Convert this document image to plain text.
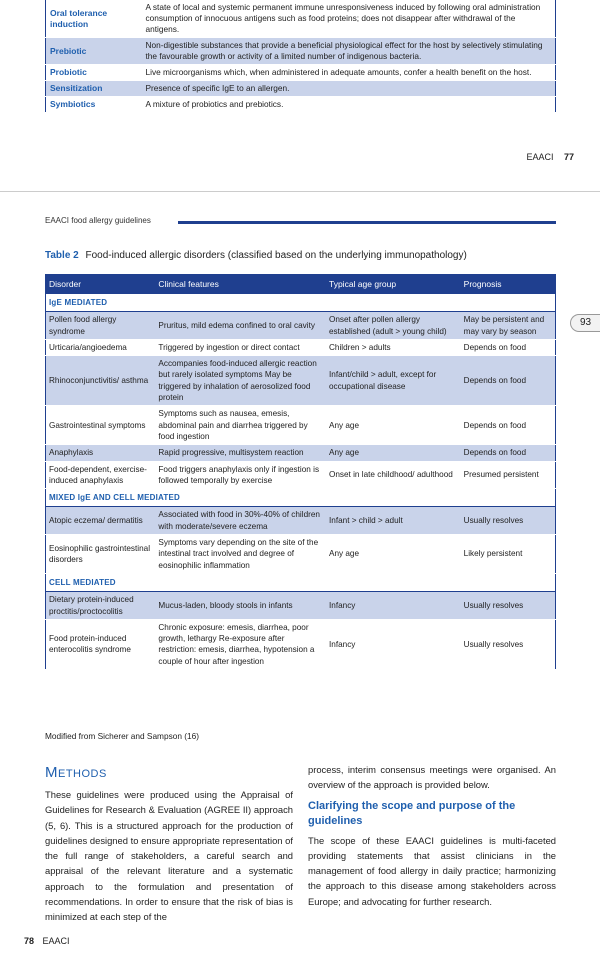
Oral tolerance induction	A state of local and systemic permanent immune unresponsiveness induced by following oral administration consumption of innocuous antigens such as food proteins; does not disappear after withdrawal of the antigens.
Prebiotic	Non-digestible substances that provide a beneficial physiological effect for the host by selectively stimulating the favourable growth or activity of a limited number of indigenous bacteria.
Probiotic	Live microorganisms which, when administered in adequate amounts, confer a health benefit on the host.
Sensitization	Presence of specific IgE to an allergen.
Symbiotics	A mixture of probiotics and prebiotics.
EAACI 77
EAACI food allergy guidelines
93
Table 2 Food-induced allergic disorders (classified based on the underlying immunopathology)
Disorder	Clinical features	Typical age group	Prognosis
IgE MEDIATED			
Pollen food allergy syndrome	Pruritus, mild edema confined to oral cavity	Onset after pollen allergy established (adult > young child)	May be persistent and may vary by season
Urticaria/angioedema	Triggered by ingestion or direct contact	Children > adults	Depends on food
Rhinoconjunctivitis/ asthma	Accompanies food-induced allergic reaction but rarely isolated symptoms May be triggered by inhalation of aerosolized food protein	Infant/child > adult, except for occupational disease	Depends on food
Gastrointestinal symptoms	Symptoms such as nausea, emesis, abdominal pain and diarrhea triggered by food ingestion	Any age	Depends on food
Anaphylaxis	Rapid progressive, multisystem reaction	Any age	Depends on food
Food-dependent, exercise-induced anaphylaxis	Food triggers anaphylaxis only if ingestion is followed temporally by exercise	Onset in late childhood/ adulthood	Presumed persistent
MIXED IgE AND CELL MEDIATED			
Atopic eczema/ dermatitis	Associated with food in 30%-40% of children with moderate/severe eczema	Infant > child > adult	Usually resolves
Eosinophilic gastrointestinal disorders	Symptoms vary depending on the site of the intestinal tract involved and degree of eosinophilic inflammation	Any age	Likely persistent
CELL MEDIATED			
Dietary protein-induced proctitis/proctocolitis	Mucus-laden, bloody stools in infants	Infancy	Usually resolves
Food protein-induced enterocolitis syndrome	Chronic exposure: emesis, diarrhea, poor growth, lethargy Re-exposure after restriction: emesis, diarrhea, hypotension a couple of hour after ingestion	Infancy	Usually resolves
Modified from Sicherer and Sampson (16)
Methods

These guidelines were produced using the Appraisal of Guidelines for Research & Evaluation (AGREE II) approach (5, 6). This is a structured approach for the production of guidelines designed to ensure appropriate representation of the full range of stakeholders, a careful search and appraisal of the relevant literature and a systematic approach to the formulation and presentation of recommendations. In order to ensure that the risk of bias is minimized at each step of the

process, interim consensus meetings were organised. An overview of the approach is provided below.

Clarifying the scope and purpose of the guidelines

The scope of these EAACI guidelines is multi-faceted providing statements that assist clinicians in the management of food allergy in daily practice; harmonizing the approach to this disease among stakeholders across Europe; and advocating for further research.

78 EAACI
